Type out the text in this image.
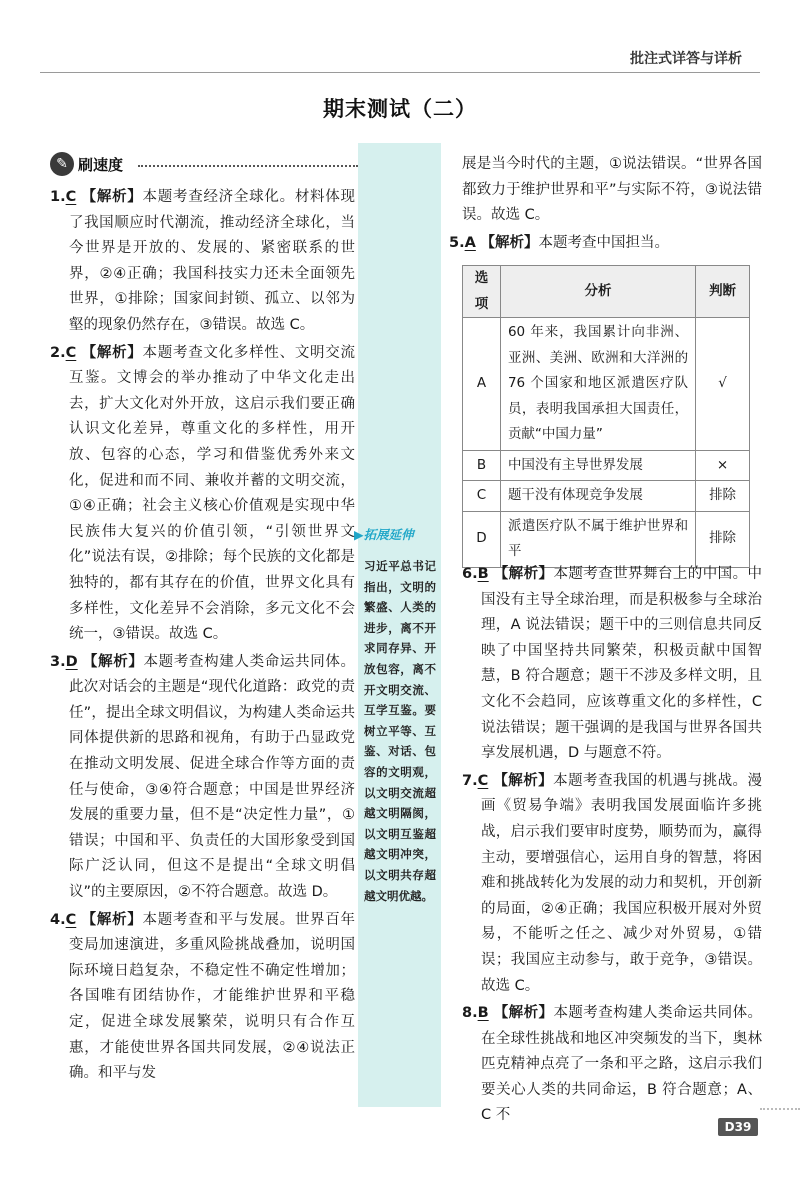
批注式详答与详析
期末测试（二）
✎ 刷速度
▶拓展延伸
习近平总书记指出，文明的繁盛、人类的进步，离不开求同存异、开放包容，离不开文明交流、互学互鉴。要树立平等、互鉴、对话、包容的文明观，以文明交流超越文明隔阂，以文明互鉴超越文明冲突，以文明共存超越文明优越。

1.C 【解析】本题考查经济全球化。材料体现了我国顺应时代潮流，推动经济全球化，当今世界是开放的、发展的、紧密联系的世界，②④正确；我国科技实力还未全面领先世界，①排除；国家间封锁、孤立、以邻为壑的现象仍然存在，③错误。故选 C。

2.C 【解析】本题考查文化多样性、文明交流互鉴。文博会的举办推动了中华文化走出去，扩大文化对外开放，这启示我们要正确认识文化差异，尊重文化的多样性，用开放、包容的心态，学习和借鉴优秀外来文化，促进和而不同、兼收并蓄的文明交流，①④正确；社会主义核心价值观是实现中华民族伟大复兴的价值引领，“引领世界文化”说法有误，②排除；每个民族的文化都是独特的，都有其存在的价值，世界文化具有多样性，文化差异不会消除，多元文化不会统一，③错误。故选 C。

3.D 【解析】本题考查构建人类命运共同体。此次对话会的主题是“现代化道路：政党的责任”，提出全球文明倡议，为构建人类命运共同体提供新的思路和视角，有助于凸显政党在推动文明发展、促进全球合作等方面的责任与使命，③④符合题意；中国是世界经济发展的重要力量，但不是“决定性力量”，①错误；中国和平、负责任的大国形象受到国际广泛认同，但这不是提出“全球文明倡议”的主要原因，②不符合题意。故选 D。

4.C 【解析】本题考查和平与发展。世界百年变局加速演进，多重风险挑战叠加，说明国际环境日趋复杂，不稳定性不确定性增加；各国唯有团结协作，才能维护世界和平稳定，促进全球发展繁荣，说明只有合作互惠，才能使世界各国共同发展，②④说法正确。和平与发

展是当今时代的主题，①说法错误。“世界各国都致力于维护世界和平”与实际不符，③说法错误。故选 C。

5.A 【解析】本题考查中国担当。

选项	分析	判断
A	60 年来，我国累计向非洲、亚洲、美洲、欧洲和大洋洲的 76 个国家和地区派遣医疗队员，表明我国承担大国责任，贡献“中国力量”	√
B	中国没有主导世界发展	×
C	题干没有体现竞争发展	排除
D	派遣医疗队不属于维护世界和平	排除

6.B 【解析】本题考查世界舞台上的中国。中国没有主导全球治理，而是积极参与全球治理，A 说法错误；题干中的三则信息共同反映了中国坚持共同繁荣，积极贡献中国智慧，B 符合题意；题干不涉及多样文明，且文化不会趋同，应该尊重文化的多样性，C 说法错误；题干强调的是我国与世界各国共享发展机遇，D 与题意不符。

7.C 【解析】本题考查我国的机遇与挑战。漫画《贸易争端》表明我国发展面临许多挑战，启示我们要审时度势，顺势而为，赢得主动，要增强信心，运用自身的智慧，将困难和挑战转化为发展的动力和契机，开创新的局面，②④正确；我国应积极开展对外贸易，不能听之任之、减少对外贸易，①错误；我国应主动参与，敢于竞争，③错误。故选 C。

8.B 【解析】本题考查构建人类命运共同体。在全球性挑战和地区冲突频发的当下，奥林匹克精神点亮了一条和平之路，这启示我们要关心人类的共同命运，B 符合题意；A、C 不

D39
